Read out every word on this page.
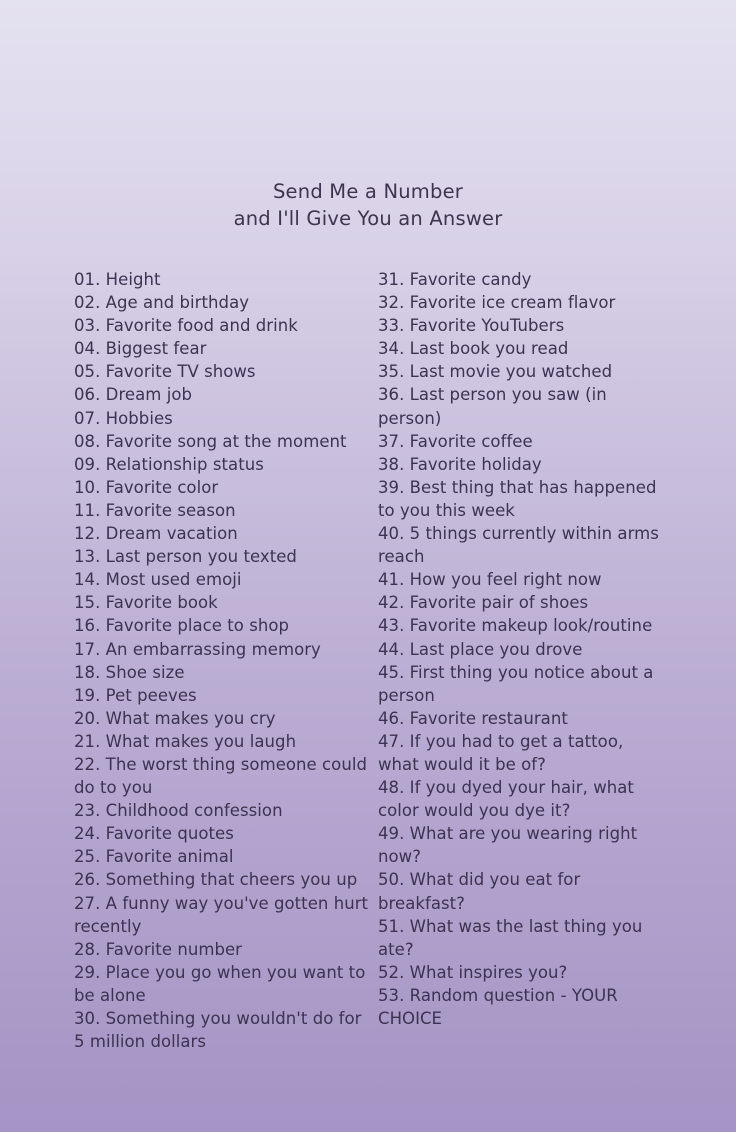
Send Me a Number
and I'll Give You an Answer

01. Height

02. Age and birthday

03. Favorite food and drink

04. Biggest fear

05. Favorite TV shows

06. Dream job

07. Hobbies

08. Favorite song at the moment

09. Relationship status

10. Favorite color

11. Favorite season

12. Dream vacation

13. Last person you texted

14. Most used emoji

15. Favorite book

16. Favorite place to shop

17. An embarrassing memory

18. Shoe size

19. Pet peeves

20. What makes you cry

21. What makes you laugh

22. The worst thing someone could do to you

23. Childhood confession

24. Favorite quotes

25. Favorite animal

26. Something that cheers you up

27. A funny way you've gotten hurt recently

28. Favorite number

29. Place you go when you want to be alone

30. Something you wouldn't do for 5 million dollars

31. Favorite candy

32. Favorite ice cream flavor

33. Favorite YouTubers

34. Last book you read

35. Last movie you watched

36. Last person you saw (in person)

37. Favorite coffee

38. Favorite holiday

39. Best thing that has happened to you this week

40. 5 things currently within arms reach

41. How you feel right now

42. Favorite pair of shoes

43. Favorite makeup look/routine

44. Last place you drove

45. First thing you notice about a person

46. Favorite restaurant

47. If you had to get a tattoo, what would it be of?

48. If you dyed your hair, what color would you dye it?

49. What are you wearing right now?

50. What did you eat for breakfast?

51. What was the last thing you ate?

52. What inspires you?

53. Random question - YOUR CHOICE
